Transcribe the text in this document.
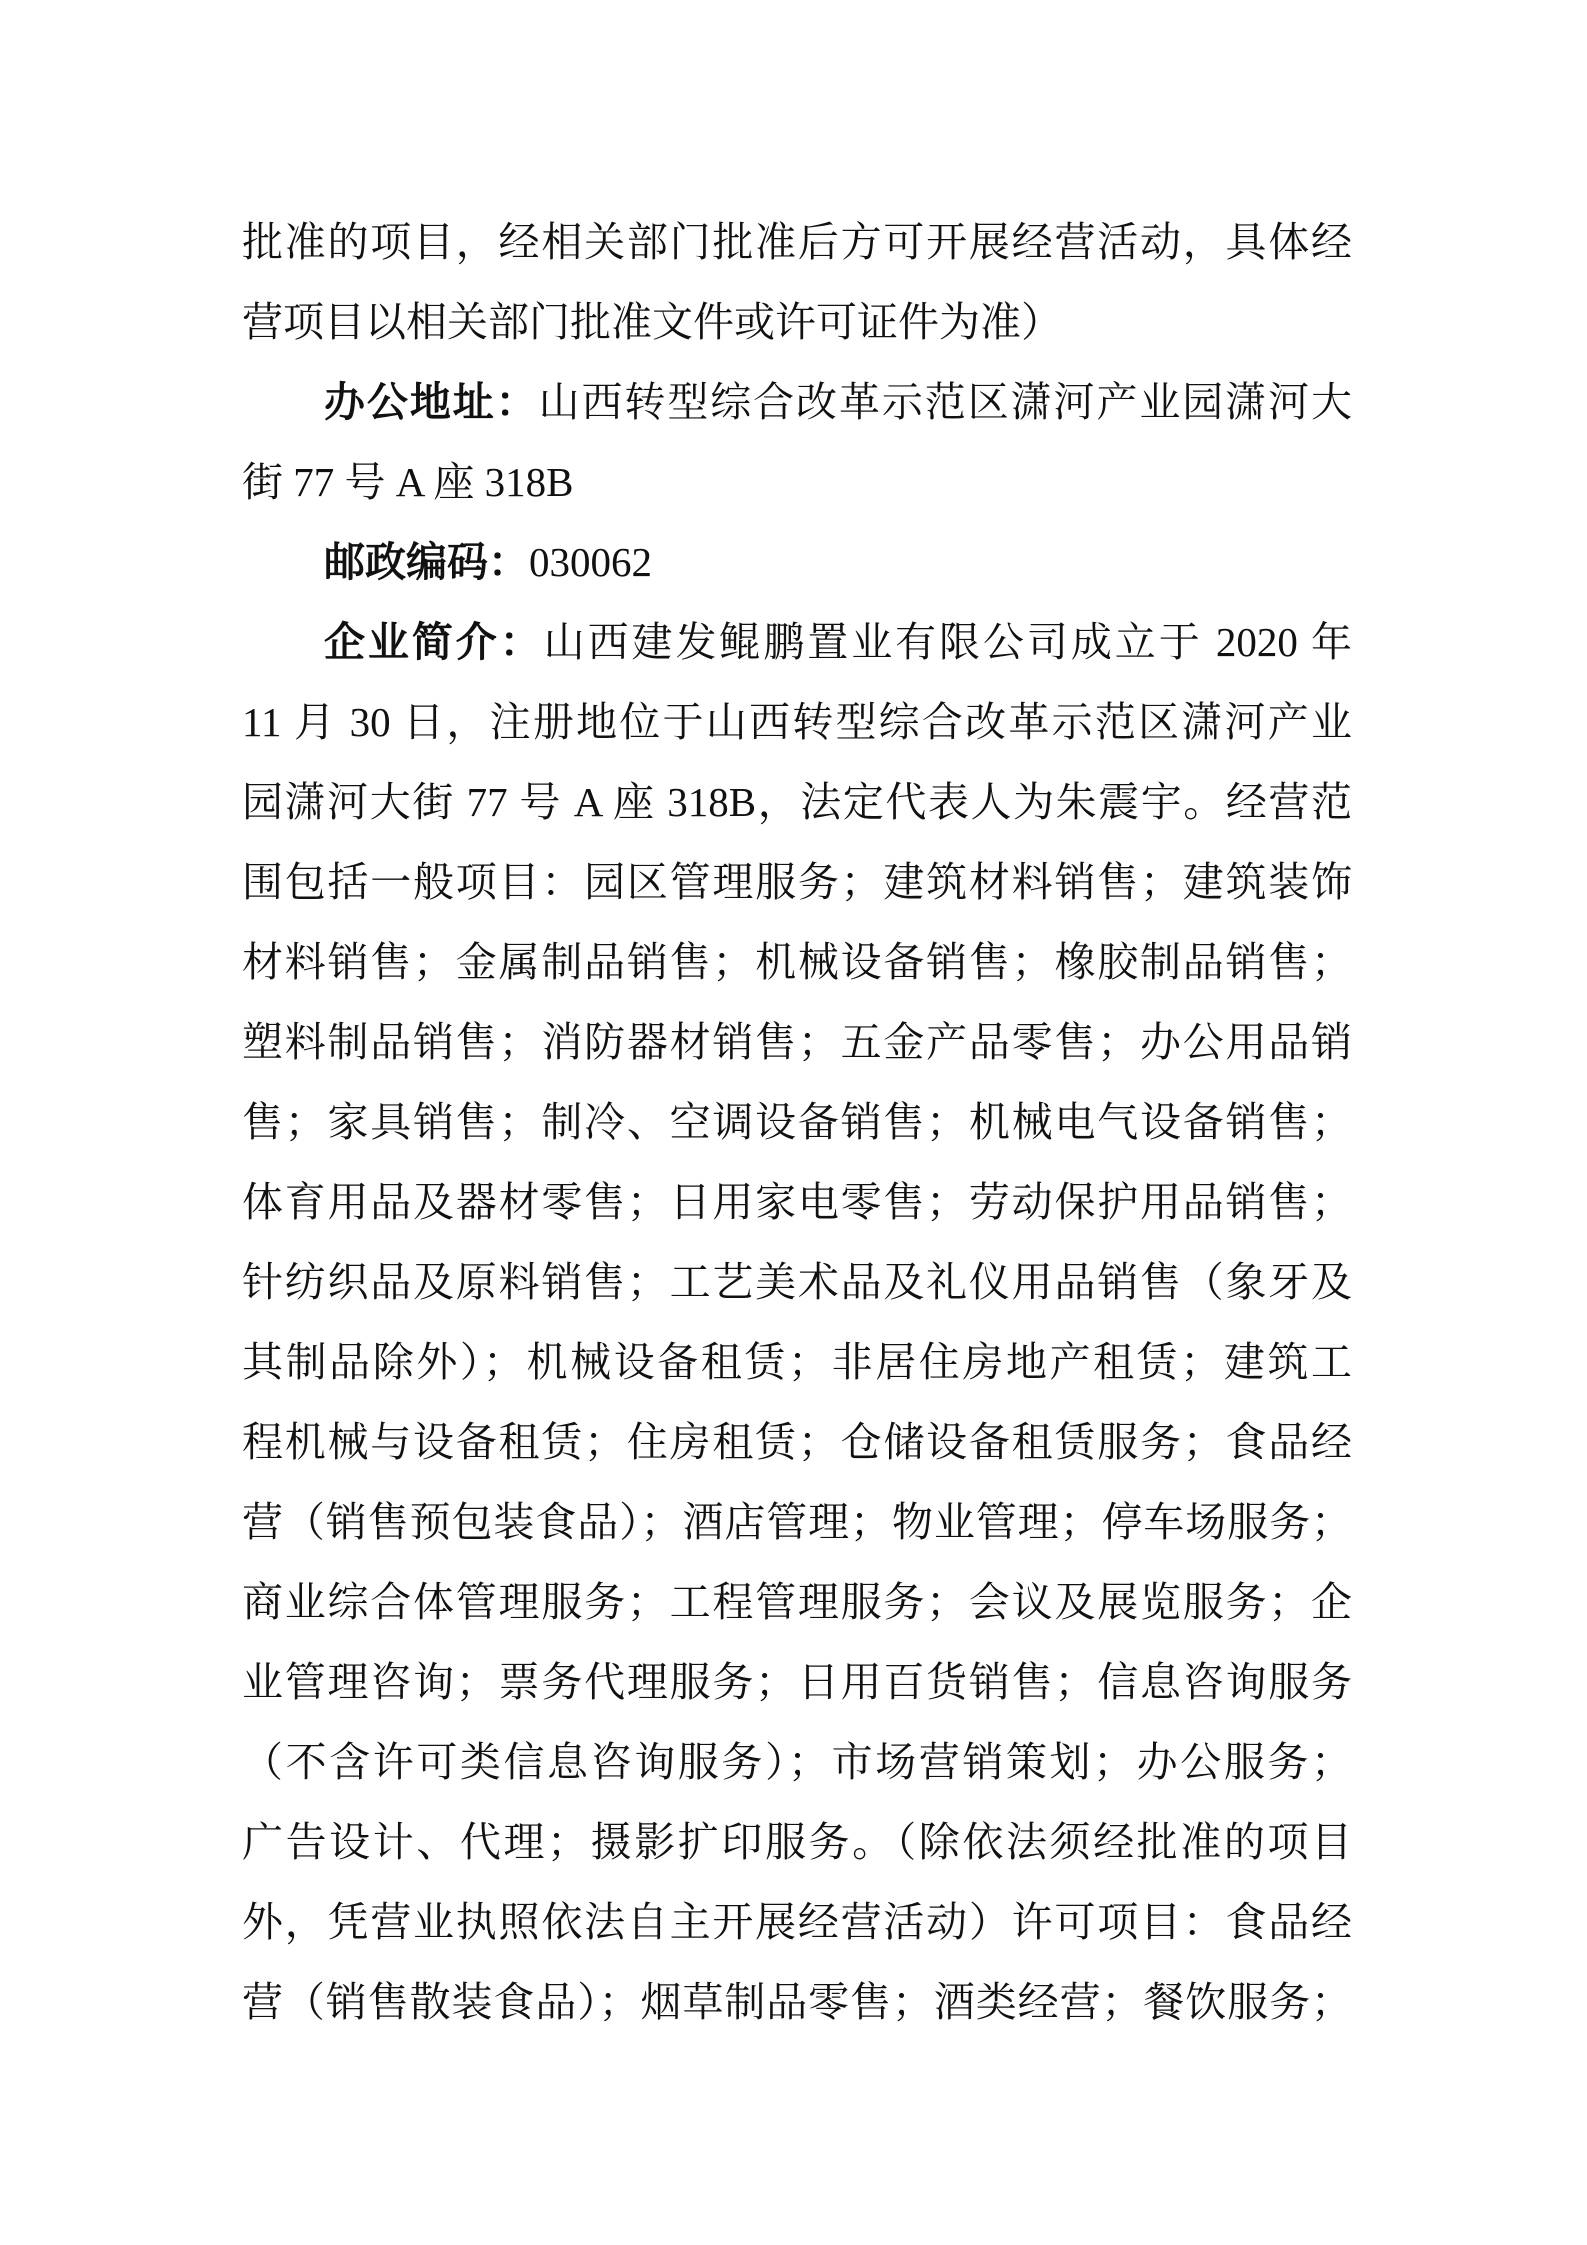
批准的项目，经相关部门批准后方可开展经营活动，具体经
营项目以相关部门批准文件或许可证件为准）
办公地址：山西转型综合改革示范区潇河产业园潇河大
街 77 号 A 座 318B
邮政编码：030062
企业简介：山西建发鲲鹏置业有限公司成立于 2020 年
11 月 30 日，注册地位于山西转型综合改革示范区潇河产业
园潇河大街 77 号 A 座 318B，法定代表人为朱震宇。经营范
围包括一般项目：园区管理服务；建筑材料销售；建筑装饰
材料销售；金属制品销售；机械设备销售；橡胶制品销售；
塑料制品销售；消防器材销售；五金产品零售；办公用品销
售；家具销售；制冷、空调设备销售；机械电气设备销售；
体育用品及器材零售；日用家电零售；劳动保护用品销售；
针纺织品及原料销售；工艺美术品及礼仪用品销售（象牙及
其制品除外）；机械设备租赁；非居住房地产租赁；建筑工
程机械与设备租赁；住房租赁；仓储设备租赁服务；食品经
营（销售预包装食品）；酒店管理；物业管理；停车场服务；
商业综合体管理服务；工程管理服务；会议及展览服务；企
业管理咨询；票务代理服务；日用百货销售；信息咨询服务
（不含许可类信息咨询服务）；市场营销策划；办公服务；
广告设计、代理；摄影扩印服务。（除依法须经批准的项目
外，凭营业执照依法自主开展经营活动）许可项目：食品经
营（销售散装食品）；烟草制品零售；酒类经营；餐饮服务；
